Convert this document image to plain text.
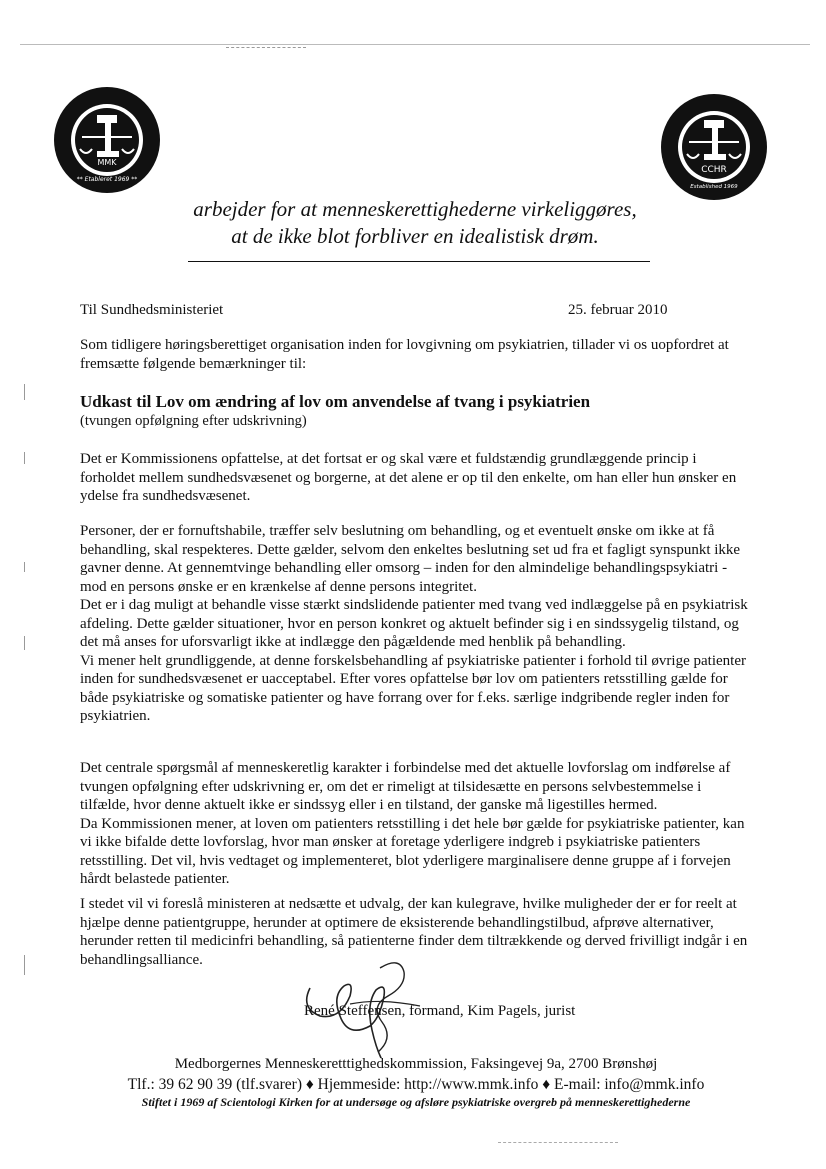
MMK
** Etableret 1969 **
CCHR
Established 1969
arbejder for at menneskerettighederne virkeliggøres,
at de ikke blot forbliver en idealistisk drøm.
Til Sundhedsministeriet	25. februar 2010

Som tidligere høringsberettiget organisation inden for lovgivning om psykiatrien, tillader vi os uopfordret at fremsætte følgende bemærkninger til:

Udkast til Lov om ændring af lov om anvendelse af tvang i psykiatrien
(tvungen opfølgning efter udskrivning)

Det er Kommissionens opfattelse, at det fortsat er og skal være et fuldstændig grundlæggende princip i forholdet mellem sundhedsvæsenet og borgerne, at det alene er op til den enkelte, om han eller hun ønsker en ydelse fra sundhedsvæsenet.

Personer, der er fornuftshabile, træffer selv beslutning om behandling, og et eventuelt ønske om ikke at få behandling, skal respekteres. Dette gælder, selvom den enkeltes beslutning set ud fra et fagligt synspunkt ikke gavner denne. At gennemtvinge behandling eller omsorg – inden for den almindelige behandlingspsykiatri - mod en persons ønske er en krænkelse af denne persons integritet.

Det er i dag muligt at behandle visse stærkt sindslidende patienter med tvang ved indlæggelse på en psykiatrisk afdeling. Dette gælder situationer, hvor en person konkret og aktuelt befinder sig i en sindssygelig tilstand, og det må anses for uforsvarligt ikke at indlægge den pågældende med henblik på behandling.

Vi mener helt grundliggende, at denne forskelsbehandling af psykiatriske patienter i forhold til øvrige patienter inden for sundhedsvæsenet er uacceptabel. Efter vores opfattelse bør lov om patienters retsstilling gælde for både psykiatriske og somatiske patienter og have forrang over for f.eks. særlige indgribende regler inden for psykiatrien.

Det centrale spørgsmål af menneskeretlig karakter i forbindelse med det aktuelle lovforslag om indførelse af tvungen opfølgning efter udskrivning er, om det er rimeligt at tilsidesætte en persons selvbestemmelse i tilfælde, hvor denne aktuelt ikke er sindssyg eller i en tilstand, der ganske må ligestilles hermed.

Da Kommissionen mener, at loven om patienters retsstilling i det hele bør gælde for psykiatriske patienter, kan vi ikke bifalde dette lovforslag, hvor man ønsker at foretage yderligere indgreb i psykiatriske patienters retsstilling. Det vil, hvis vedtaget og implementeret, blot yderligere marginalisere denne gruppe af i forvejen hårdt belastede patienter.

I stedet vil vi foreslå ministeren at nedsætte et udvalg, der kan kulegrave, hvilke muligheder der er for reelt at hjælpe denne patientgruppe, herunder at optimere de eksisterende behandlingstilbud, afprøve alternativer, herunder retten til medicinfri behandling, så patienterne finder dem tiltrækkende og derved frivilligt indgår i en behandlingsalliance.

René Steffensen, formand, Kim Pagels, jurist
Medborgernes Menneskeretttighedskommission, Faksingevej 9a, 2700 Brønshøj
Tlf.: 39 62 90 39 (tlf.svarer) ♦ Hjemmeside: http://www.mmk.info ♦ E-mail: info@mmk.info
Stiftet i 1969 af Scientologi Kirken for at undersøge og afsløre psykiatriske overgreb på menneskerettighederne
